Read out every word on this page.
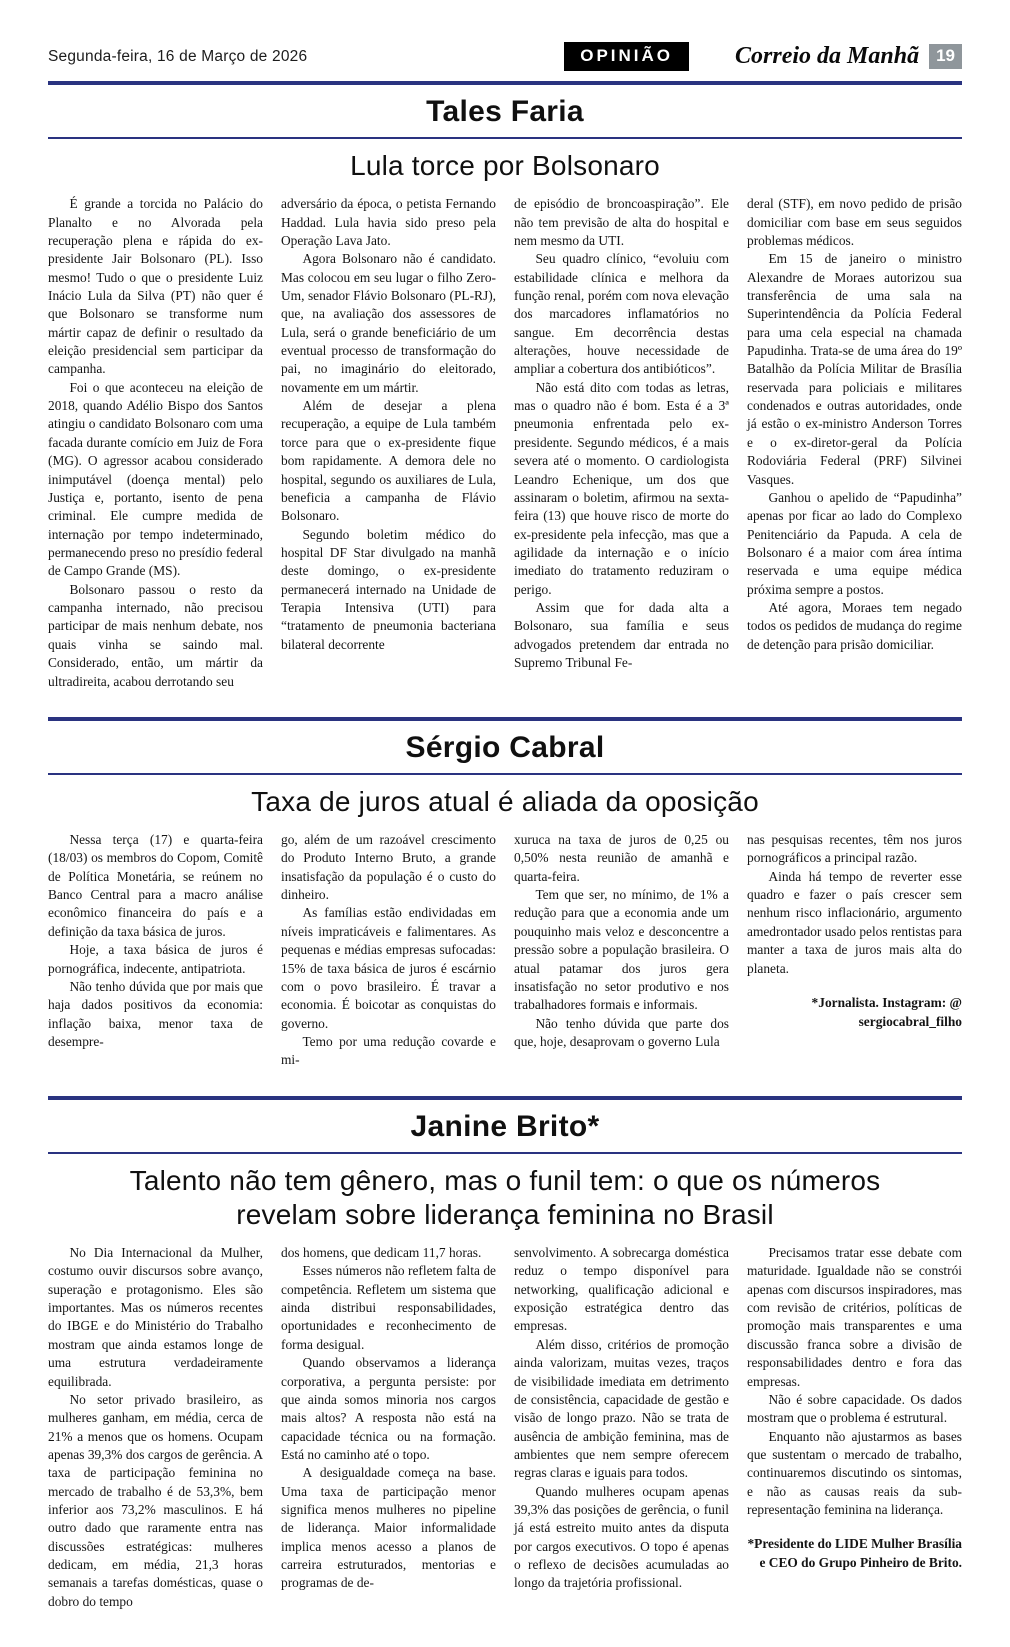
Segunda-feira, 16 de Março de 2026	OPINIÃO	Correio da Manhã	19
Tales Faria
Lula torce por Bolsonaro

É grande a torcida no Palácio do Planalto e no Alvorada pela recuperação plena e rápida do ex-presidente Jair Bolsonaro (PL). Isso mesmo! Tudo o que o presidente Luiz Inácio Lula da Silva (PT) não quer é que Bolsonaro se transforme num mártir capaz de definir o resultado da eleição presidencial sem participar da campanha.

Foi o que aconteceu na eleição de 2018, quando Adélio Bispo dos Santos atingiu o candidato Bolsonaro com uma facada durante comício em Juiz de Fora (MG). O agressor acabou considerado inimputável (doença mental) pelo Justiça e, portanto, isento de pena criminal. Ele cumpre medida de internação por tempo indeterminado, permanecendo preso no presídio federal de Campo Grande (MS).

Bolsonaro passou o resto da campanha internado, não precisou participar de mais nenhum debate, nos quais vinha se saindo mal. Considerado, então, um mártir da ultradireita, acabou derrotando seu

adversário da época, o petista Fernando Haddad. Lula havia sido preso pela Operação Lava Jato.

Agora Bolsonaro não é candidato. Mas colocou em seu lugar o filho Zero-Um, senador Flávio Bolsonaro (PL-RJ), que, na avaliação dos assessores de Lula, será o grande beneficiário de um eventual processo de transformação do pai, no imaginário do eleitorado, novamente em um mártir.

Além de desejar a plena recuperação, a equipe de Lula também torce para que o ex-presidente fique bom rapidamente. A demora dele no hospital, segundo os auxiliares de Lula, beneficia a campanha de Flávio Bolsonaro.

Segundo boletim médico do hospital DF Star divulgado na manhã deste domingo, o ex-presidente permanecerá internado na Unidade de Terapia Intensiva (UTI) para “tratamento de pneumonia bacteriana bilateral decorrente

de episódio de broncoaspiração”. Ele não tem previsão de alta do hospital e nem mesmo da UTI.

Seu quadro clínico, “evoluiu com estabilidade clínica e melhora da função renal, porém com nova elevação dos marcadores inflamatórios no sangue. Em decorrência destas alterações, houve necessidade de ampliar a cobertura dos antibióticos”.

Não está dito com todas as letras, mas o quadro não é bom. Esta é a 3ª pneumonia enfrentada pelo ex-presidente. Segundo médicos, é a mais severa até o momento. O cardiologista Leandro Echenique, um dos que assinaram o boletim, afirmou na sexta-feira (13) que houve risco de morte do ex-presidente pela infecção, mas que a agilidade da internação e o início imediato do tratamento reduziram o perigo.

Assim que for dada alta a Bolsonaro, sua família e seus advogados pretendem dar entrada no Supremo Tribunal Fe-

deral (STF), em novo pedido de prisão domiciliar com base em seus seguidos problemas médicos.

Em 15 de janeiro o ministro Alexandre de Moraes autorizou sua transferência de uma sala na Superintendência da Polícia Federal para uma cela especial na chamada Papudinha. Trata-se de uma área do 19º Batalhão da Polícia Militar de Brasília reservada para policiais e militares condenados e outras autoridades, onde já estão o ex-ministro Anderson Torres e o ex-diretor-geral da Polícia Rodoviária Federal (PRF) Silvinei Vasques.

Ganhou o apelido de “Papudinha” apenas por ficar ao lado do Complexo Penitenciário da Papuda. A cela de Bolsonaro é a maior com área íntima reservada e uma equipe médica próxima sempre a postos.

Até agora, Moraes tem negado todos os pedidos de mudança do regime de detenção para prisão domiciliar.

Sérgio Cabral
Taxa de juros atual é aliada da oposição

Nessa terça (17) e quarta-feira (18/03) os membros do Copom, Comitê de Política Monetária, se reúnem no Banco Central para a macro análise econômico financeira do país e a definição da taxa básica de juros.

Hoje, a taxa básica de juros é pornográfica, indecente, antipatriota.

Não tenho dúvida que por mais que haja dados positivos da economia: inflação baixa, menor taxa de desempre-

go, além de um razoável crescimento do Produto Interno Bruto, a grande insatisfação da população é o custo do dinheiro.

As famílias estão endividadas em níveis impraticáveis e falimentares. As pequenas e médias empresas sufocadas: 15% de taxa básica de juros é escárnio com o povo brasileiro. É travar a economia. É boicotar as conquistas do governo.

Temo por uma redução covarde e mi-

xuruca na taxa de juros de 0,25 ou 0,50% nesta reunião de amanhã e quarta-feira.

Tem que ser, no mínimo, de 1% a redução para que a economia ande um pouquinho mais veloz e desconcentre a pressão sobre a população brasileira. O atual patamar dos juros gera insatisfação no setor produtivo e nos trabalhadores formais e informais.

Não tenho dúvida que parte dos que, hoje, desaprovam o governo Lula

nas pesquisas recentes, têm nos juros pornográficos a principal razão.

Ainda há tempo de reverter esse quadro e fazer o país crescer sem nenhum risco inflacionário, argumento amedrontador usado pelos rentistas para manter a taxa de juros mais alta do planeta.

*Jornalista. Instagram: @ sergiocabral_filho
Janine Brito*
Talento não tem gênero, mas o funil tem: o que os números revelam sobre liderança feminina no Brasil

No Dia Internacional da Mulher, costumo ouvir discursos sobre avanço, superação e protagonismo. Eles são importantes. Mas os números recentes do IBGE e do Ministério do Trabalho mostram que ainda estamos longe de uma estrutura verdadeiramente equilibrada.

No setor privado brasileiro, as mulheres ganham, em média, cerca de 21% a menos que os homens. Ocupam apenas 39,3% dos cargos de gerência. A taxa de participação feminina no mercado de trabalho é de 53,3%, bem inferior aos 73,2% masculinos. E há outro dado que raramente entra nas discussões estratégicas: mulheres dedicam, em média, 21,3 horas semanais a tarefas domésticas, quase o dobro do tempo

dos homens, que dedicam 11,7 horas.

Esses números não refletem falta de competência. Refletem um sistema que ainda distribui responsabilidades, oportunidades e reconhecimento de forma desigual.

Quando observamos a liderança corporativa, a pergunta persiste: por que ainda somos minoria nos cargos mais altos? A resposta não está na capacidade técnica ou na formação. Está no caminho até o topo.

A desigualdade começa na base. Uma taxa de participação menor significa menos mulheres no pipeline de liderança. Maior informalidade implica menos acesso a planos de carreira estruturados, mentorias e programas de de-

senvolvimento. A sobrecarga doméstica reduz o tempo disponível para networking, qualificação adicional e exposição estratégica dentro das empresas.

Além disso, critérios de promoção ainda valorizam, muitas vezes, traços de visibilidade imediata em detrimento de consistência, capacidade de gestão e visão de longo prazo. Não se trata de ausência de ambição feminina, mas de ambientes que nem sempre oferecem regras claras e iguais para todos.

Quando mulheres ocupam apenas 39,3% das posições de gerência, o funil já está estreito muito antes da disputa por cargos executivos. O topo é apenas o reflexo de decisões acumuladas ao longo da trajetória profissional.

Precisamos tratar esse debate com maturidade. Igualdade não se constrói apenas com discursos inspiradores, mas com revisão de critérios, políticas de promoção mais transparentes e uma discussão franca sobre a divisão de responsabilidades dentro e fora das empresas.

Não é sobre capacidade. Os dados mostram que o problema é estrutural.

Enquanto não ajustarmos as bases que sustentam o mercado de trabalho, continuaremos discutindo os sintomas, e não as causas reais da sub-representação feminina na liderança.

*Presidente do LIDE Mulher Brasília e CEO do Grupo Pinheiro de Brito.
